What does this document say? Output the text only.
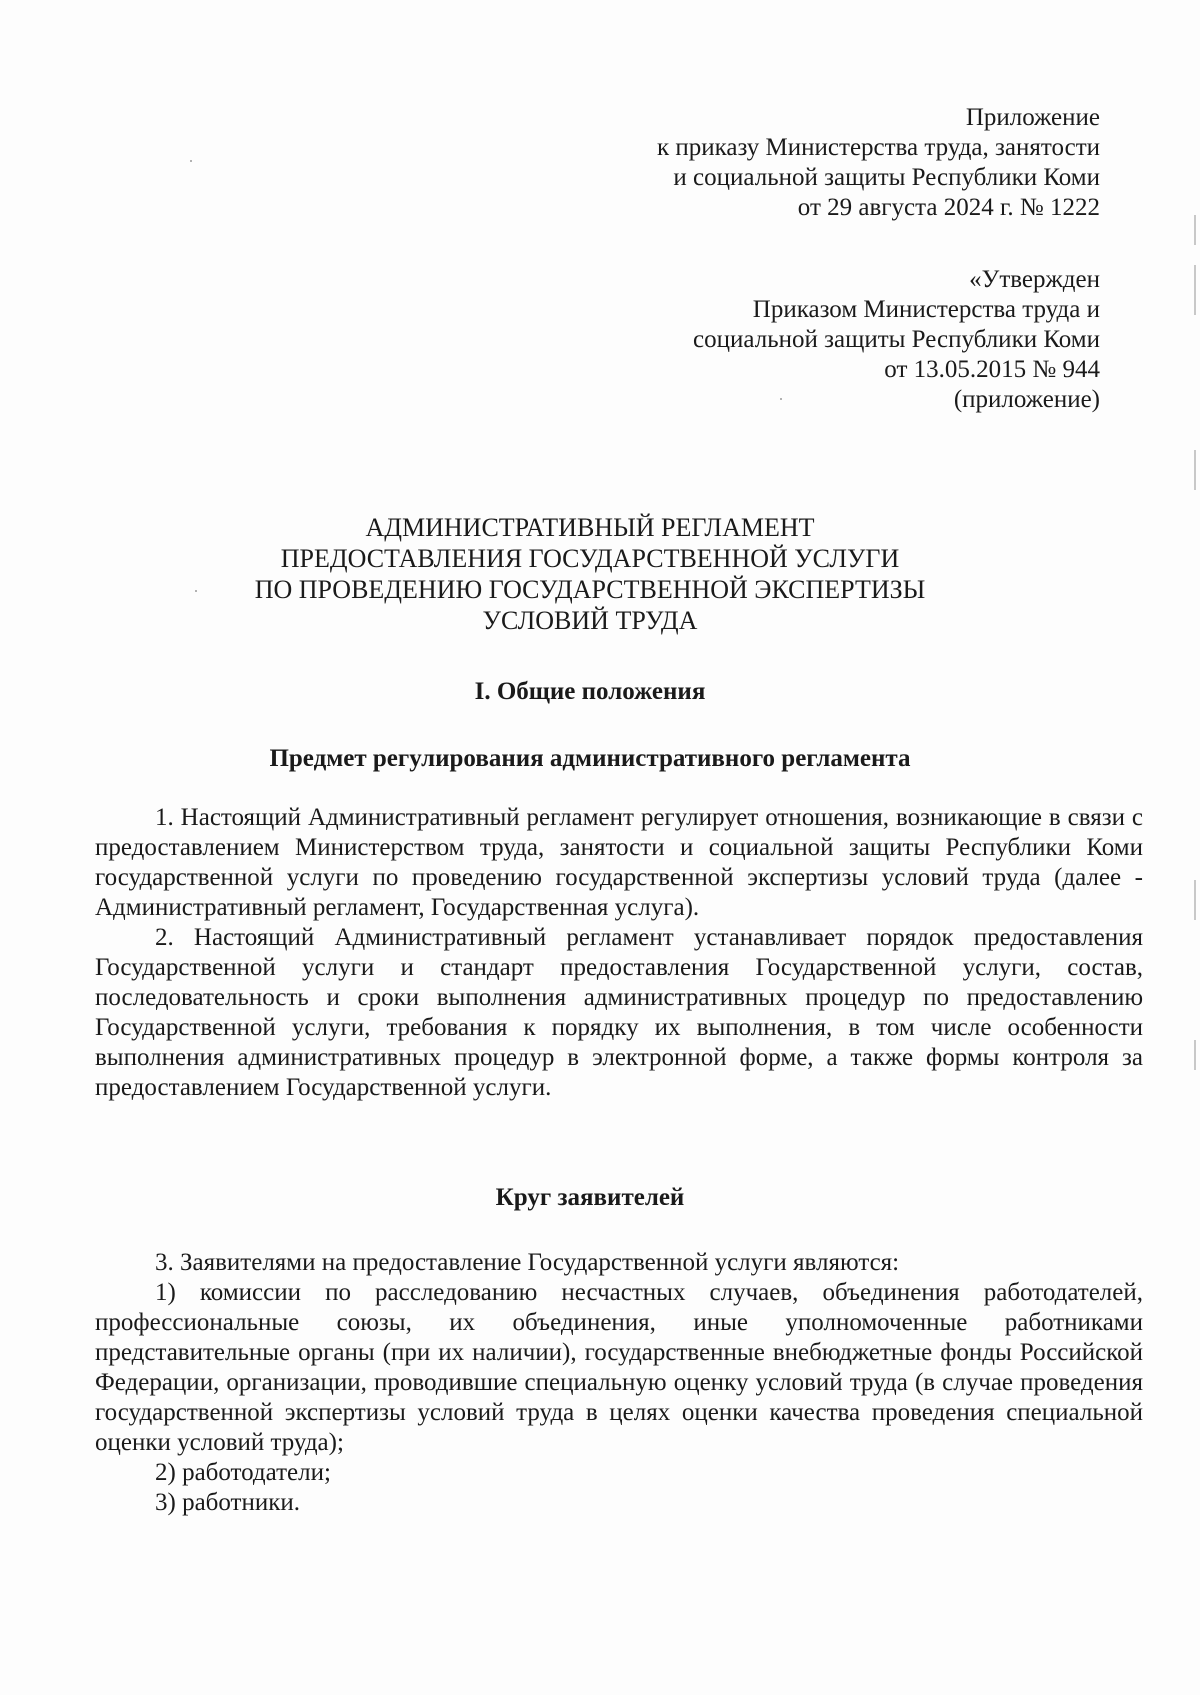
Приложение
к приказу Министерства труда, занятости
и социальной защиты Республики Коми
от 29 августа 2024 г. № 1222
«Утвержден
Приказом Министерства труда и
социальной защиты Республики Коми
от 13.05.2015 № 944
(приложение)
АДМИНИСТРАТИВНЫЙ РЕГЛАМЕНТ
ПРЕДОСТАВЛЕНИЯ ГОСУДАРСТВЕННОЙ УСЛУГИ
ПО ПРОВЕДЕНИЮ ГОСУДАРСТВЕННОЙ ЭКСПЕРТИЗЫ
УСЛОВИЙ ТРУДА
I. Общие положения
Предмет регулирования административного регламента

1. Настоящий Административный регламент регулирует отношения, возникающие в связи с предоставлением Министерством труда, занятости и социальной защиты Республики Коми государственной услуги по проведению государственной экспертизы условий труда (далее - Административный регламент, Государственная услуга).

2. Настоящий Административный регламент устанавливает порядок предоставления Государственной услуги и стандарт предоставления Государственной услуги, состав, последовательность и сроки выполнения административных процедур по предоставлению Государственной услуги, требования к порядку их выполнения, в том числе особенности выполнения административных процедур в электронной форме, а также формы контроля за предоставлением Государственной услуги.

Круг заявителей

3. Заявителями на предоставление Государственной услуги являются:

1) комиссии по расследованию несчастных случаев, объединения работодателей, профессиональные союзы, их объединения, иные уполномоченные работниками представительные органы (при их наличии), государственные внебюджетные фонды Российской Федерации, организации, проводившие специальную оценку условий труда (в случае проведения государственной экспертизы условий труда в целях оценки качества проведения специальной оценки условий труда);

2) работодатели;

3) работники.
